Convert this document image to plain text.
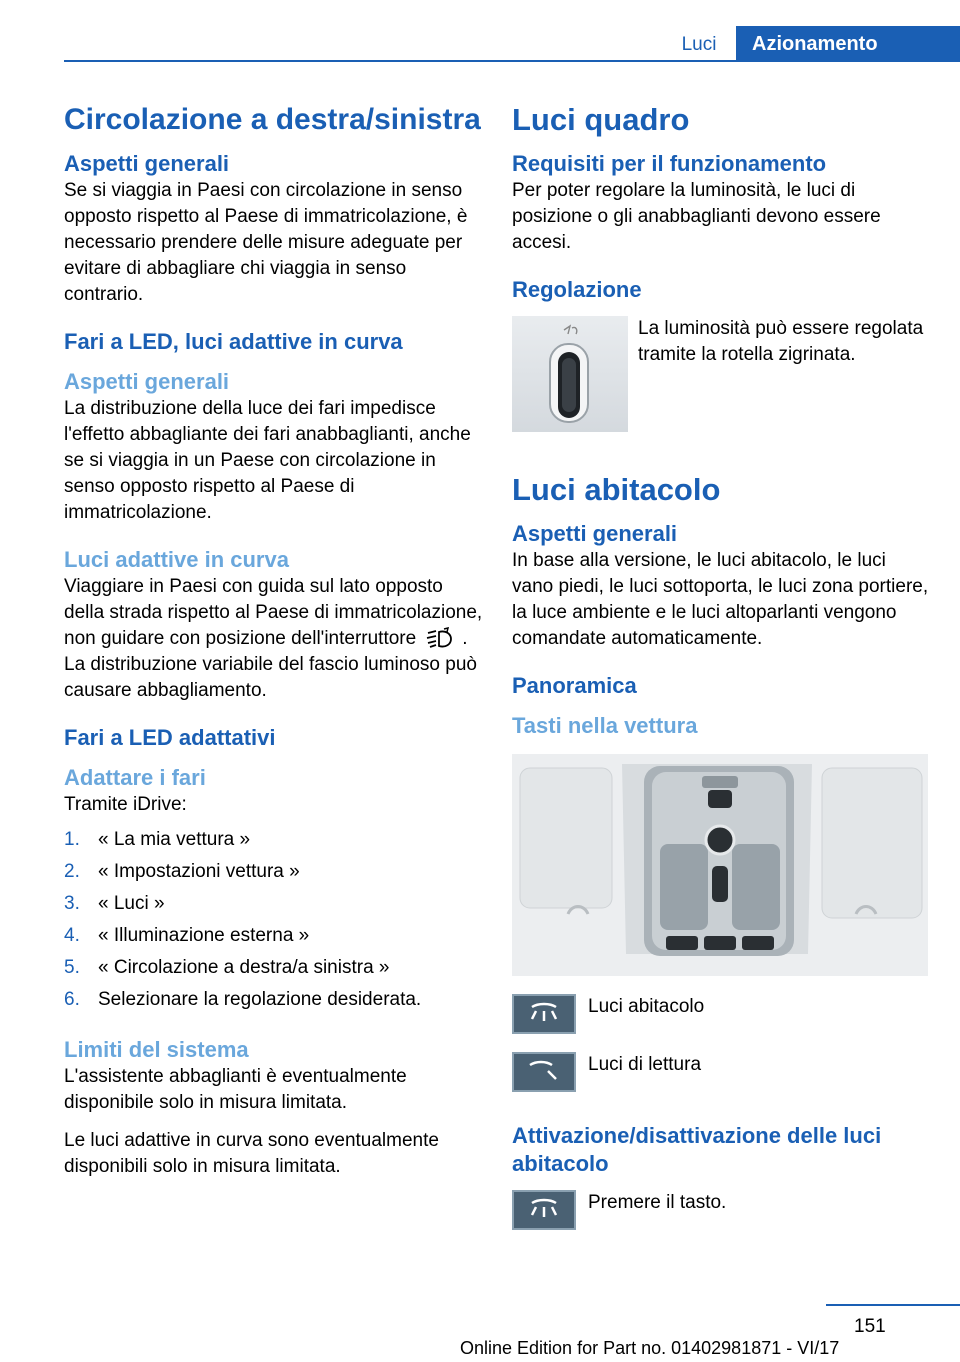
Luci	Azionamento
Circolazione a destra/sinistra
Aspetti generali

Se si viaggia in Paesi con circolazione in senso opposto rispetto al Paese di immatricolazione, è necessario prendere delle misure adeguate per evitare di abbagliare chi viaggia in senso contrario.

Fari a LED, luci adattive in curva
Aspetti generali

La distribuzione della luce dei fari impedisce l'effetto abbagliante dei fari anabbaglianti, anche se si viaggia in un Paese con circolazione in senso opposto rispetto al Paese di immatricolazione.

Luci adattive in curva

Viaggiare in Paesi con guida sul lato opposto della strada rispetto al Paese di immatricolazione, non guidare con posizione dell'interruttore . La distribuzione variabile del fascio luminoso può causare abbagliamento.

Fari a LED adattativi
Adattare i fari

Tramite iDrive:

1. « La mia vettura »
2. « Impostazioni vettura »
3. « Luci »
4. « Illuminazione esterna »
5. « Circolazione a destra/a sinistra »
6. Selezionare la regolazione desiderata.
Limiti del sistema

L'assistente abbaglianti è eventualmente disponibile solo in misura limitata.

Le luci adattive in curva sono eventualmente disponibili solo in misura limitata.

Luci quadro
Requisiti per il funzionamento

Per poter regolare la luminosità, le luci di posizione o gli anabbaglianti devono essere accesi.

Regolazione

La luminosità può essere regolata tramite la rotella zigrinata.

Luci abitacolo
Aspetti generali

In base alla versione, le luci abitacolo, le luci vano piedi, le luci sottoporta, le luci zona portiere, la luce ambiente e le luci altoparlanti vengono comandate automaticamente.

Panoramica
Tasti nella vettura

Luci abitacolo

Luci di lettura

Attivazione/disattivazione delle luci abitacolo

Premere il tasto.

151
Online Edition for Part no. 01402981871 - VI/17
